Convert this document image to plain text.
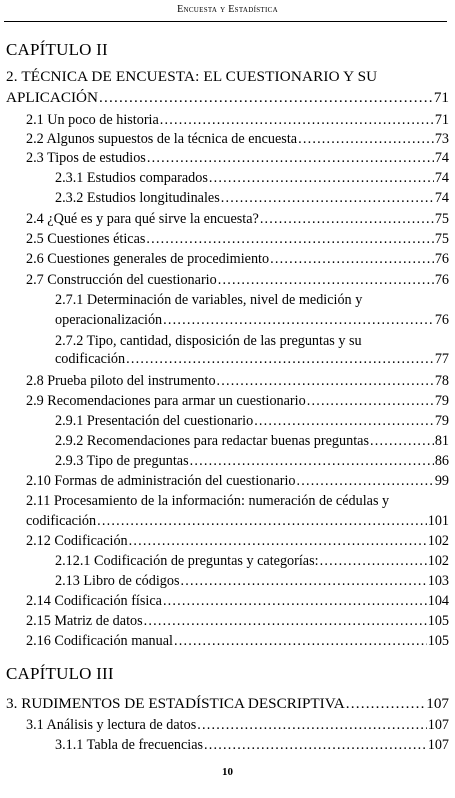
Encuesta y Estadística
CAPÍTULO II
2. TÉCNICA DE ENCUESTA: EL CUESTIONARIO Y SU
APLICACIÓN .....	71
2.1 Un poco de historia .....	71
2.2 Algunos supuestos de la técnica de encuesta .....	73
2.3 Tipos de estudios .....	74
2.3.1 Estudios comparados .....	74
2.3.2 Estudios longitudinales .....	74
2.4 ¿Qué es y para qué sirve la encuesta? .....	75
2.5 Cuestiones éticas .....	75
2.6 Cuestiones generales de procedimiento .....	76
2.7 Construcción del cuestionario .....	76
2.7.1 Determinación de variables, nivel de medición y
operacionalización .....	76
2.7.2 Tipo, cantidad, disposición de las preguntas y su
codificación .....	77
2.8 Prueba piloto del instrumento .....	78
2.9 Recomendaciones para armar un cuestionario .....	79
2.9.1 Presentación del cuestionario .....	79
2.9.2 Recomendaciones para redactar buenas preguntas .....	81
2.9.3 Tipo de preguntas .....	86
2.10 Formas de administración del cuestionario .....	99
2.11 Procesamiento de la información: numeración de cédulas y
codificación .....	101
2.12 Codificación .....	102
2.12.1 Codificación de preguntas y categorías: .....	102
2.13 Libro de códigos .....	103
2.14 Codificación física .....	104
2.15 Matriz de datos .....	105
2.16 Codificación manual .....	105
CAPÍTULO III
3. RUDIMENTOS DE ESTADÍSTICA DESCRIPTIVA .....	107
3.1 Análisis y lectura de datos .....	107
3.1.1 Tabla de frecuencias .....	107
10
